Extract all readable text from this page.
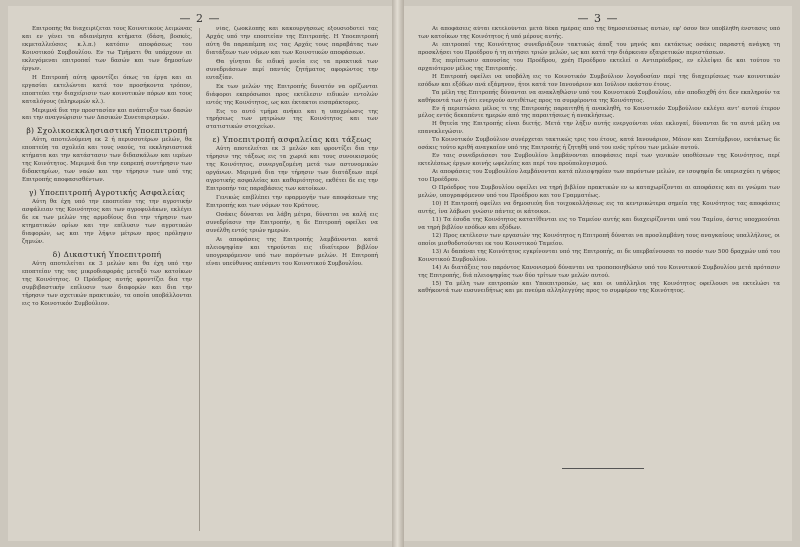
— 2 —

Επιτροπής θα διαχειρίζεται τους Κοινοτικούς λειμώνας και εν γένει τα αδιανέμητα κτήματα (δάση, βοσκές, εκμεταλλεύσεις κ.λ.π.) κατόπιν αποφάσεως του Κοινοτικού Συμβουλίου. Εν τω Τμήματι θα υπάρχουν αι εκλεγόμεναι επιτροπαί των δασών και των δημοσίων έργων.

Η Επιτροπή αύτη φροντίζει όπως τα έργα και αι εργασίαι εκτελώνται κατά τον προσήκοντα τρόπον, εποπτεύει την διαχείρισιν των κοινοτικών πόρων και τους καταλόγους (πληρωμών κλ.).

Μεριμνά δια την προστασίαν και ανάπτυξιν των δασών και την αναγνώρισιν των Δασικών Συνεταιρισμών.

β) Σχολικοεκκλησιαστική Υποεπιτροπή

Αύτη, αποτελούμενη εκ 2 ή περισσοτέρων μελών, θα εποπτεύη τα σχολεία και τους ναούς, τα εκκλησιαστικά κτήματα και την κατάστασιν των διδασκάλων και ιερέων της Κοινότητος. Μεριμνά δια την ευπρεπή συντήρησιν των διδακτηρίων, των ναών και την τήρησιν των υπό της Επιτροπής αποφασισθέντων.

γ) Υποεπιτροπή Αγροτικής Ασφαλείας

Αύτη θα έχη υπό την εποπτείαν της την αγροτικήν ασφάλειαν της Κοινότητος και των αγροφυλάκων, εκλέγει δε εκ των μελών της αρμοδίους δια την τήρησιν των κτηματικών ορίων και την επίλυσιν των αγροτικών διαφορών, ως και την λήψιν μέτρων προς πρόληψιν ζημιών.

δ) Δικαστική Υποεπιτροπή

Αύτη αποτελείται εκ 3 μελών και θα έχη υπό την εποπτείαν της τας μικροδιαφοράς μεταξύ των κατοίκων της Κοινότητος. Ο Πρόεδρος αυτής φροντίζει δια την συμβιβαστικήν επίλυσιν των διαφορών και δια την τήρησιν των σχετικών πρακτικών, τα οποία υποβάλλονται εις το Κοινοτικόν Συμβούλιον.

νίας, ζωοκλοπής και κακουργήσεως εξουσιοδοτεί τας Αρχάς υπό την εποπτείαν της Επιτροπής. Η Υποεπιτροπή αύτη θα παραπέμπη εις τας Αρχάς τους παραβάτας των διατάξεων των νόμων και των Κοινοτικών αποφάσεων.

Θα γίνηται δε ειδική μνεία εις τα πρακτικά των συνεδριάσεων περί παντός ζητήματος αφορώντος την ευταξίαν.

Εκ των μελών της Επιτροπής δυνατόν να ορίζωνται διάφοροι εκπρόσωποι προς εκτέλεσιν ειδικών εντολών εντός της Κοινότητος, ως και έκτακτοι εισπράκτορες.

Εις το αυτό τμήμα ανήκει και η υποχρέωσις της τηρήσεως των μητρώων της Κοινότητος και των στατιστικών στοιχείων.

ε) Υποεπιτροπή ασφαλείας και τάξεως

Αύτη αποτελείται εκ 3 μελών και φροντίζει δια την τήρησιν της τάξεως εις τα χωριά και τους συνοικισμούς της Κοινότητος, συνεργαζομένη μετά των αστυνομικών οργάνων. Μεριμνά δια την τήρησιν των διατάξεων περί αγροτικής ασφαλείας και καθαριότητος, εκθέτει δε εις την Επιτροπήν τας παραβάσεις των κατοίκων.

Γενικώς επιβλέπει την εφαρμογήν των αποφάσεων της Επιτροπής και των νόμων του Κράτους.

Οσάκις δύναται να λάβη μέτρα, δύναται να καλή εις συνεδρίασιν την Επιτροπήν, η δε Επιτροπή οφείλει να συνέλθη εντός τριών ημερών.

Αι αποφάσεις της Επιτροπής λαμβάνονται κατά πλειοψηφίαν και τηρούνται εις ιδιαίτερον βιβλίον υπογραφόμενον υπό των παρόντων μελών. Η Επιτροπή είναι υπεύθυνος απέναντι του Κοινοτικού Συμβουλίου.

— 3 —

Αι αποφάσεις αύται εκτελούνται μετά δέκα ημέρας από της δημοσιεύσεως αυτών, εφ' όσον δεν υποβληθή ένστασις υπό των κατοίκων της Κοινότητος ή υπό μέρους αυτής.

Αι επιτροπαί της Κοινότητος συνεδριάζουν τακτικώς άπαξ του μηνός και εκτάκτως οσάκις παραστή ανάγκη τη προσκλήσει του Προέδρου ή τη αιτήσει τριών μελών, ως και κατά την διάρκειαν εξαιρετικών περιστάσεων.

Εις περίπτωσιν απουσίας του Προέδρου, χρέη Προέδρου εκτελεί ο Αντιπρόεδρος, εν ελλείψει δε και τούτου το αρχαιότερον μέλος της Επιτροπής.

Η Επιτροπή οφείλει να υποβάλη εις το Κοινοτικόν Συμβούλιον λογοδοσίαν περί της διαχειρίσεως των κοινοτικών εσόδων και εξόδων ανά εξάμηνον, ήτοι κατά τον Ιανουάριον και Ιούλιον εκάστου έτους.

Τα μέλη της Επιτροπής δύνανται να ανακληθώσιν υπό του Κοινοτικού Συμβουλίου, εάν αποδειχθή ότι δεν εκπληρούν τα καθήκοντά των ή ότι ενεργούν αντιθέτως προς τα συμφέροντα της Κοινότητος.

Εν ή περιπτώσει μέλος τι της Επιτροπής παραιτηθή ή ανακληθή, το Κοινοτικόν Συμβούλιον εκλέγει αντ' αυτού έτερον μέλος εντός δεκαπέντε ημερών από της παραιτήσεως ή ανακλήσεως.

Η θητεία της Επιτροπής είναι διετής. Μετά την λήξιν αυτής ενεργούνται νέαι εκλογαί, δύνανται δε τα αυτά μέλη να επανεκλεγώσιν.

Το Κοινοτικόν Συμβούλιον συνέρχεται τακτικώς τρις του έτους, κατά Ιανουάριον, Μάιον και Σεπτέμβριον, εκτάκτως δε οσάκις τούτο κριθή αναγκαίον υπό της Επιτροπής ή ζητηθή υπό του ενός τρίτου των μελών αυτού.

Εν ταις συνεδριάσεσι του Συμβουλίου λαμβάνονται αποφάσεις περί των γενικών υποθέσεων της Κοινότητος, περί εκτελέσεως έργων κοινής ωφελείας και περί του προϋπολογισμού.

Αι αποφάσεις του Συμβουλίου λαμβάνονται κατά πλειοψηφίαν των παρόντων μελών, εν ισοψηφία δε υπερισχύει η ψήφος του Προέδρου.

Ο Πρόεδρος του Συμβουλίου οφείλει να τηρή βιβλίον πρακτικών εν ω καταχωρίζονται αι αποφάσεις και αι γνώμαι των μελών, υπογραφόμενον υπό του Προέδρου και του Γραμματέως.

10) Η Επιτροπή οφείλει να δημοσιεύη δια τοιχοκολλήσεως εις τα κεντρικώτερα σημεία της Κοινότητος τας αποφάσεις αυτής, ίνα λάβωσι γνώσιν πάντες οι κάτοικοι.

11) Τα έσοδα της Κοινότητος κατατίθενται εις το Ταμείον αυτής και διαχειρίζονται υπό του Ταμίου, όστις υποχρεούται να τηρή βιβλίον εσόδων και εξόδων.

12) Προς εκτέλεσιν των εργασιών της Κοινότητος η Επιτροπή δύναται να προσλαμβάνη τους αναγκαίους υπαλλήλους, οι οποίοι μισθοδοτούνται εκ του Κοινοτικού Ταμείου.

13) Αι δαπάναι της Κοινότητος εγκρίνονται υπό της Επιτροπής, αι δε υπερβαίνουσαι το ποσόν των 500 δραχμών υπό του Κοινοτικού Συμβουλίου.

14) Αι διατάξεις του παρόντος Κανονισμού δύνανται να τροποποιηθώσιν υπό του Κοινοτικού Συμβουλίου μετά πρότασιν της Επιτροπής, διά πλειοψηφίας των δύο τρίτων των μελών αυτού.

15) Τα μέλη των επιτροπών και Υποεπιτροπών, ως και οι υπάλληλοι της Κοινότητος οφείλουσι να εκτελώσι τα καθήκοντά των ευσυνειδήτως και με πνεύμα αλληλεγγύης προς το συμφέρον της Κοινότητος.
